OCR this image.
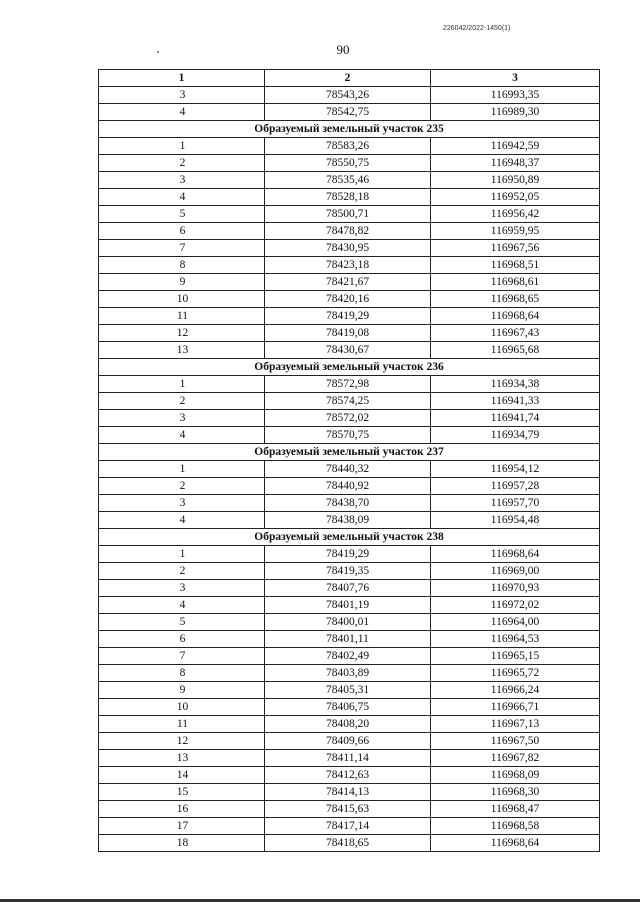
226042/2022-1450(1)
90
1	2	3
3	78543,26	116993,35
4	78542,75	116989,30
Образуемый земельный участок 235		
1	78583,26	116942,59
2	78550,75	116948,37
3	78535,46	116950,89
4	78528,18	116952,05
5	78500,71	116956,42
6	78478,82	116959,95
7	78430,95	116967,56
8	78423,18	116968,51
9	78421,67	116968,61
10	78420,16	116968,65
11	78419,29	116968,64
12	78419,08	116967,43
13	78430,67	116965,68
Образуемый земельный участок 236		
1	78572,98	116934,38
2	78574,25	116941,33
3	78572,02	116941,74
4	78570,75	116934,79
Образуемый земельный участок 237		
1	78440,32	116954,12
2	78440,92	116957,28
3	78438,70	116957,70
4	78438,09	116954,48
Образуемый земельный участок 238		
1	78419,29	116968,64
2	78419,35	116969,00
3	78407,76	116970,93
4	78401,19	116972,02
5	78400,01	116964,00
6	78401,11	116964,53
7	78402,49	116965,15
8	78403,89	116965,72
9	78405,31	116966,24
10	78406,75	116966,71
11	78408,20	116967,13
12	78409,66	116967,50
13	78411,14	116967,82
14	78412,63	116968,09
15	78414,13	116968,30
16	78415,63	116968,47
17	78417,14	116968,58
18	78418,65	116968,64
